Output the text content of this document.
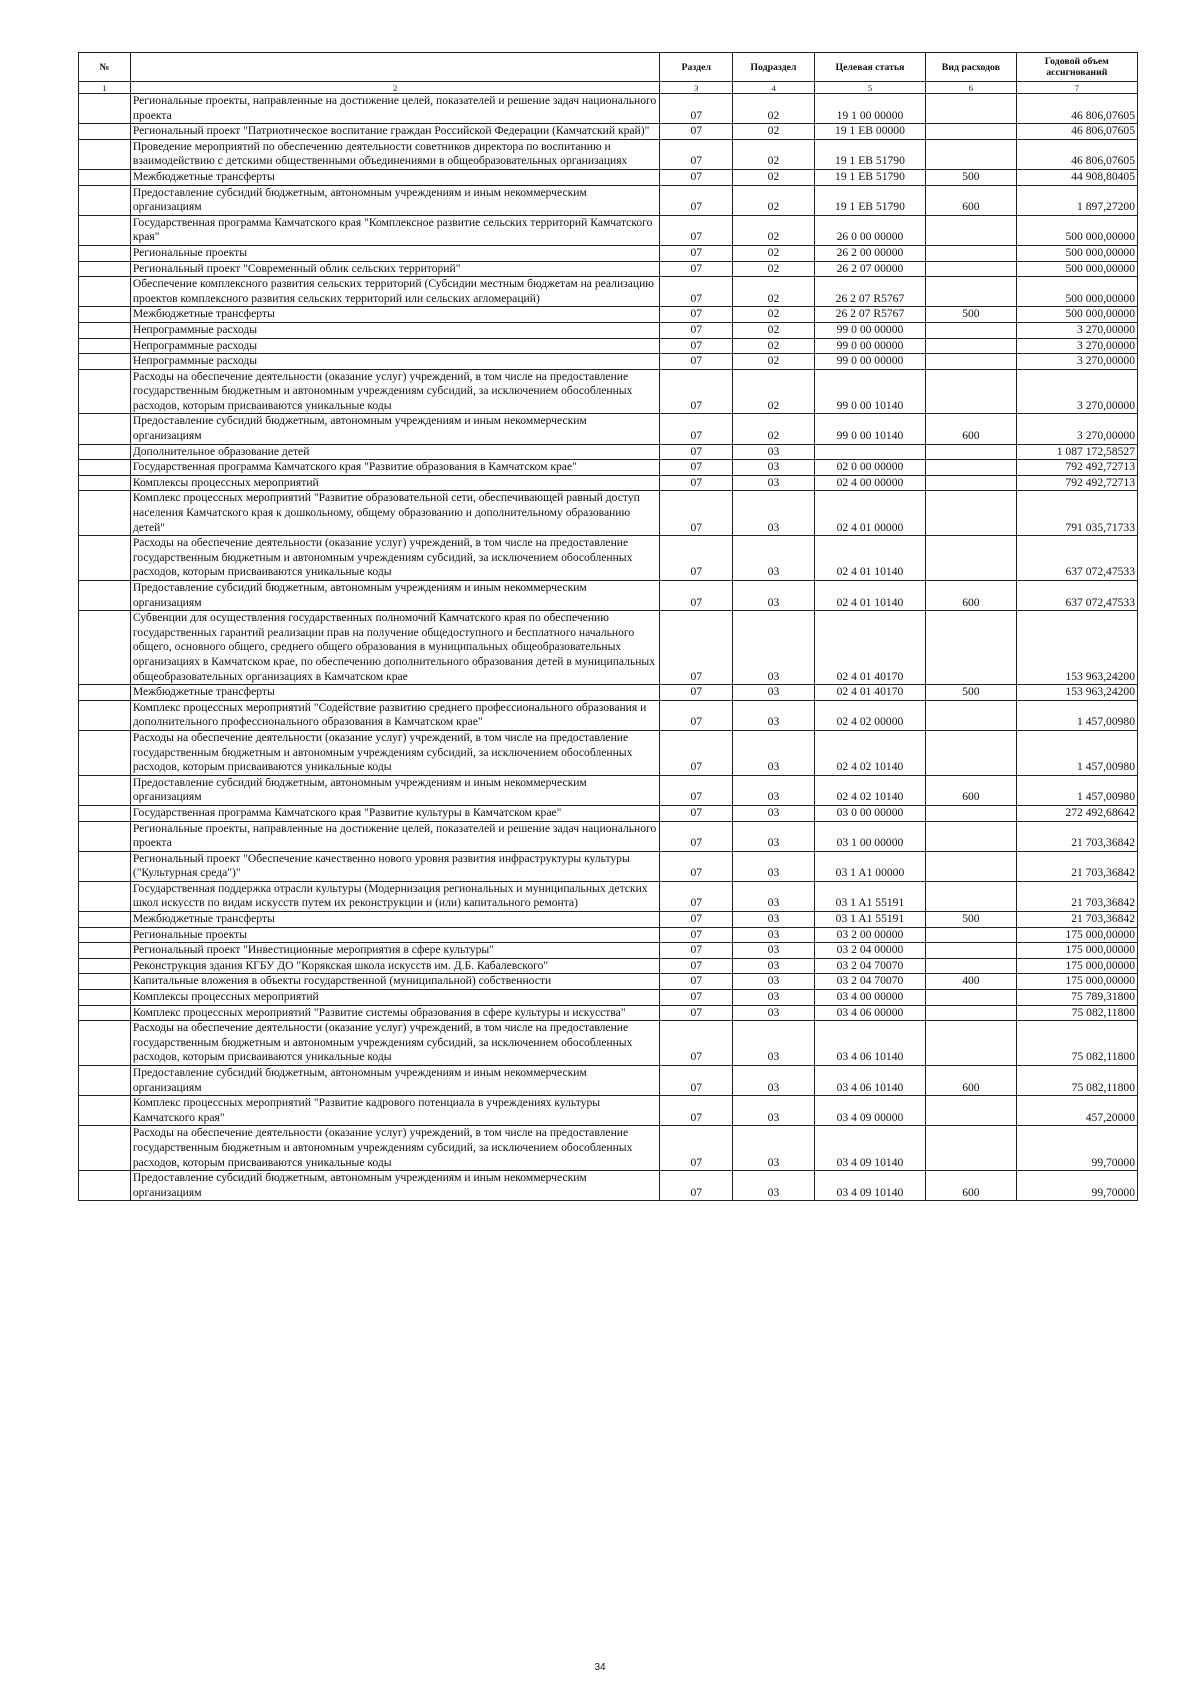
№		Раздел	Подраздел	Целевая статья	Вид расходов	Годовой объем ассигнований
1	2	3	4	5	6	7
	Региональные проекты, направленные на достижение целей, показателей и решение задач национального проекта	07	02	19 1 00 00000		46 806,07605
	Региональный проект "Патриотическое воспитание граждан Российской Федерации (Камчатский край)"	07	02	19 1 EB 00000		46 806,07605
	Проведение мероприятий по обеспечению деятельности советников директора по воспитанию и взаимодействию с детскими общественными объединениями в общеобразовательных организациях	07	02	19 1 EB 51790		46 806,07605
	Межбюджетные трансферты	07	02	19 1 EB 51790	500	44 908,80405
	Предоставление субсидий бюджетным, автономным учреждениям и иным некоммерческим организациям	07	02	19 1 EB 51790	600	1 897,27200
	Государственная программа Камчатского края "Комплексное развитие сельских территорий Камчатского края"	07	02	26 0 00 00000		500 000,00000
	Региональные проекты	07	02	26 2 00 00000		500 000,00000
	Региональный проект "Современный облик сельских территорий"	07	02	26 2 07 00000		500 000,00000
	Обеспечение комплексного развития сельских территорий (Субсидии местным бюджетам на реализацию проектов комплексного развития сельских территорий или сельских агломераций)	07	02	26 2 07 R5767		500 000,00000
	Межбюджетные трансферты	07	02	26 2 07 R5767	500	500 000,00000
	Непрограммные расходы	07	02	99 0 00 00000		3 270,00000
	Непрограммные расходы	07	02	99 0 00 00000		3 270,00000
	Непрограммные расходы	07	02	99 0 00 00000		3 270,00000
	Расходы на обеспечение деятельности (оказание услуг) учреждений, в том числе на предоставление государственным бюджетным и автономным учреждениям субсидий, за исключением обособленных расходов, которым присваиваются уникальные коды	07	02	99 0 00 10140		3 270,00000
	Предоставление субсидий бюджетным, автономным учреждениям и иным некоммерческим организациям	07	02	99 0 00 10140	600	3 270,00000
	Дополнительное образование детей	07	03			1 087 172,58527
	Государственная программа Камчатского края "Развитие образования в Камчатском крае"	07	03	02 0 00 00000		792 492,72713
	Комплексы процессных мероприятий	07	03	02 4 00 00000		792 492,72713
	Комплекс процессных мероприятий "Развитие образовательной сети, обеспечивающей равный доступ населения Камчатского края к дошкольному, общему образованию и дополнительному образованию детей"	07	03	02 4 01 00000		791 035,71733
	Расходы на обеспечение деятельности (оказание услуг) учреждений, в том числе на предоставление государственным бюджетным и автономным учреждениям субсидий, за исключением обособленных расходов, которым присваиваются уникальные коды	07	03	02 4 01 10140		637 072,47533
	Предоставление субсидий бюджетным, автономным учреждениям и иным некоммерческим организациям	07	03	02 4 01 10140	600	637 072,47533
	Субвенции для осуществления государственных полномочий Камчатского края по обеспечению государственных гарантий реализации прав на получение общедоступного и бесплатного начального общего, основного общего, среднего общего образования в муниципальных общеобразовательных организациях в Камчатском крае, по обеспечению дополнительного образования детей в муниципальных общеобразовательных организациях в Камчатском крае	07	03	02 4 01 40170		153 963,24200
	Межбюджетные трансферты	07	03	02 4 01 40170	500	153 963,24200
	Комплекс процессных мероприятий "Содействие развитию среднего профессионального образования и дополнительного профессионального образования в Камчатском крае"	07	03	02 4 02 00000		1 457,00980
	Расходы на обеспечение деятельности (оказание услуг) учреждений, в том числе на предоставление государственным бюджетным и автономным учреждениям субсидий, за исключением обособленных расходов, которым присваиваются уникальные коды	07	03	02 4 02 10140		1 457,00980
	Предоставление субсидий бюджетным, автономным учреждениям и иным некоммерческим организациям	07	03	02 4 02 10140	600	1 457,00980
	Государственная программа Камчатского края "Развитие культуры в Камчатском крае"	07	03	03 0 00 00000		272 492,68642
	Региональные проекты, направленные на достижение целей, показателей и решение задач национального проекта	07	03	03 1 00 00000		21 703,36842
	Региональный проект "Обеспечение качественно нового уровня развития инфраструктуры культуры ("Культурная среда")"	07	03	03 1 A1 00000		21 703,36842
	Государственная поддержка отрасли культуры (Модернизация региональных и муниципальных детских школ искусств по видам искусств путем их реконструкции и (или) капитального ремонта)	07	03	03 1 A1 55191		21 703,36842
	Межбюджетные трансферты	07	03	03 1 A1 55191	500	21 703,36842
	Региональные проекты	07	03	03 2 00 00000		175 000,00000
	Региональный проект "Инвестиционные мероприятия в сфере культуры"	07	03	03 2 04 00000		175 000,00000
	Реконструкция здания КГБУ ДО "Корякская школа искусств им. Д.Б. Кабалевского"	07	03	03 2 04 70070		175 000,00000
	Капитальные вложения в объекты государственной (муниципальной) собственности	07	03	03 2 04 70070	400	175 000,00000
	Комплексы процессных мероприятий	07	03	03 4 00 00000		75 789,31800
	Комплекс процессных мероприятий "Развитие системы образования в сфере культуры и искусства"	07	03	03 4 06 00000		75 082,11800
	Расходы на обеспечение деятельности (оказание услуг) учреждений, в том числе на предоставление государственным бюджетным и автономным учреждениям субсидий, за исключением обособленных расходов, которым присваиваются уникальные коды	07	03	03 4 06 10140		75 082,11800
	Предоставление субсидий бюджетным, автономным учреждениям и иным некоммерческим организациям	07	03	03 4 06 10140	600	75 082,11800
	Комплекс процессных мероприятий "Развитие кадрового потенциала в учреждениях культуры Камчатского края"	07	03	03 4 09 00000		457,20000
	Расходы на обеспечение деятельности (оказание услуг) учреждений, в том числе на предоставление государственным бюджетным и автономным учреждениям субсидий, за исключением обособленных расходов, которым присваиваются уникальные коды	07	03	03 4 09 10140		99,70000
	Предоставление субсидий бюджетным, автономным учреждениям и иным некоммерческим организациям	07	03	03 4 09 10140	600	99,70000
34
